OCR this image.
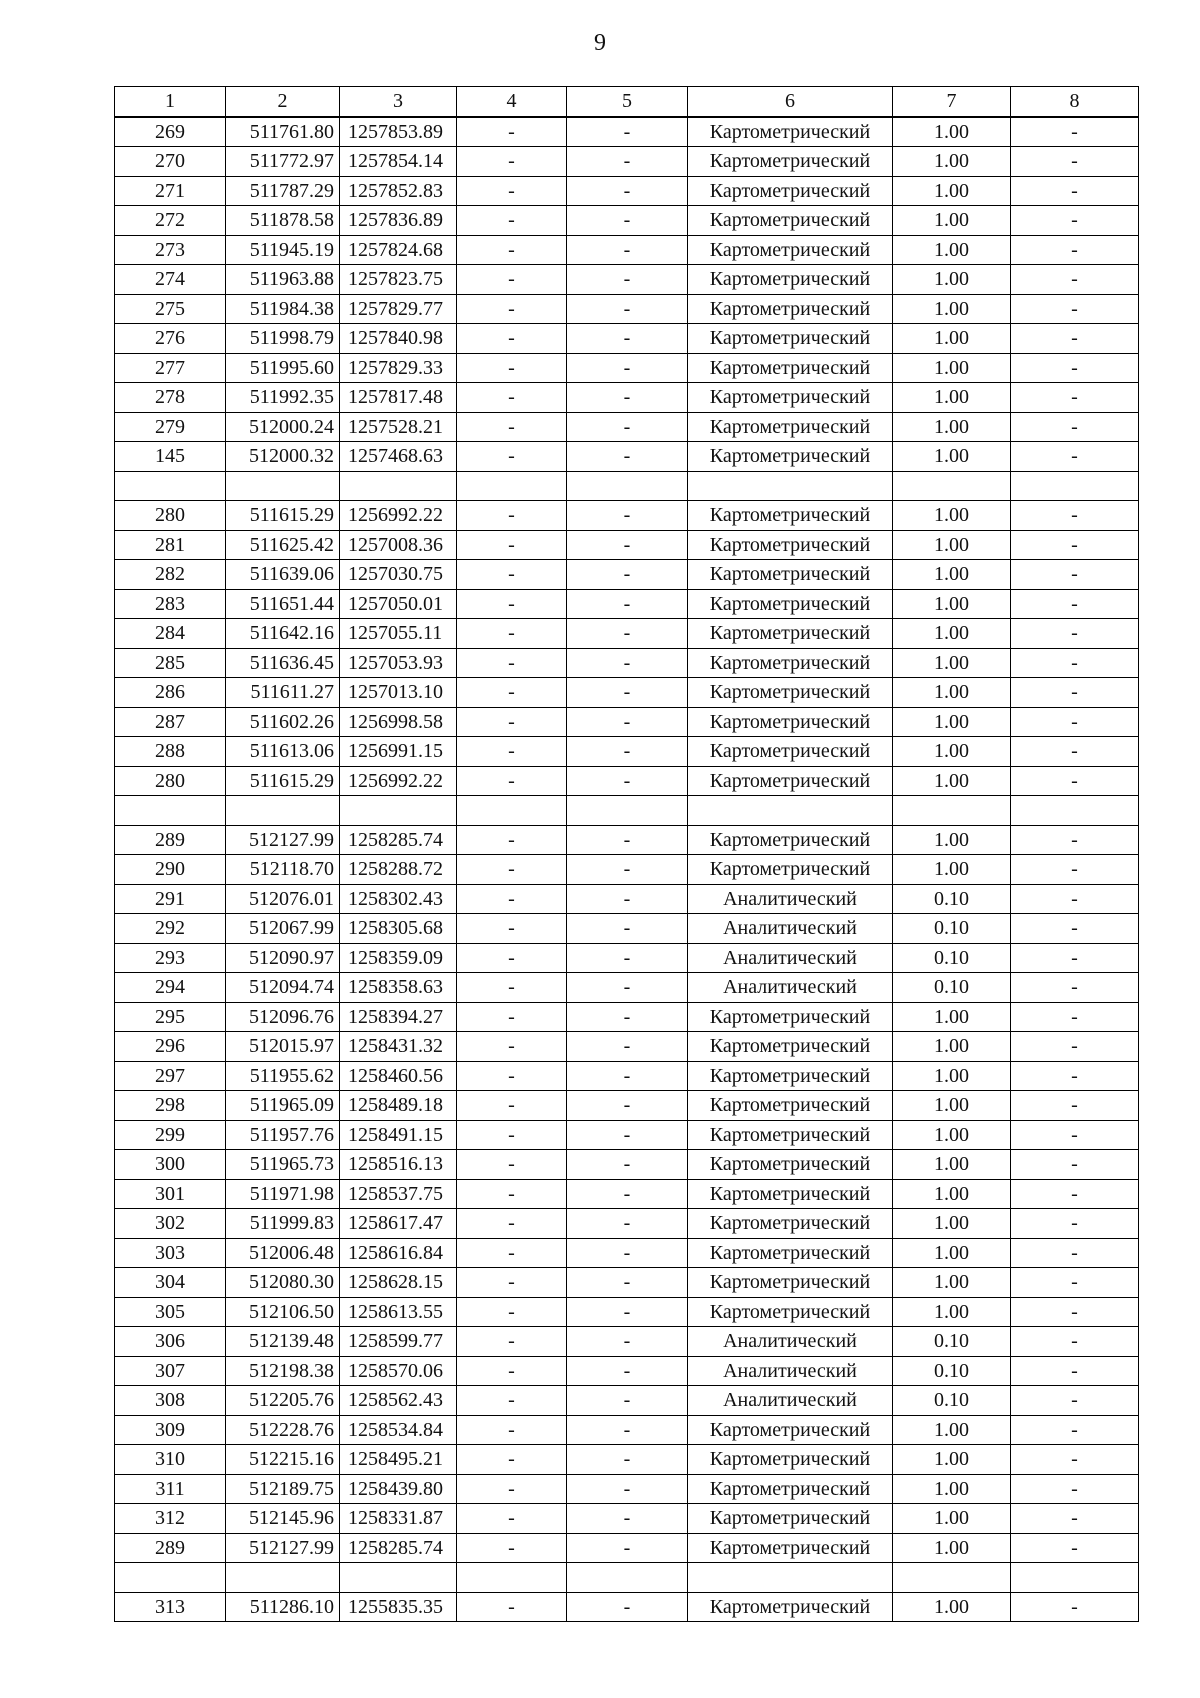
9
1	2	3	4	5	6	7	8
269	511761.80	1257853.89	-	-	Картометрический	1.00	-
270	511772.97	1257854.14	-	-	Картометрический	1.00	-
271	511787.29	1257852.83	-	-	Картометрический	1.00	-
272	511878.58	1257836.89	-	-	Картометрический	1.00	-
273	511945.19	1257824.68	-	-	Картометрический	1.00	-
274	511963.88	1257823.75	-	-	Картометрический	1.00	-
275	511984.38	1257829.77	-	-	Картометрический	1.00	-
276	511998.79	1257840.98	-	-	Картометрический	1.00	-
277	511995.60	1257829.33	-	-	Картометрический	1.00	-
278	511992.35	1257817.48	-	-	Картометрический	1.00	-
279	512000.24	1257528.21	-	-	Картометрический	1.00	-
145	512000.32	1257468.63	-	-	Картометрический	1.00	-

280	511615.29	1256992.22	-	-	Картометрический	1.00	-
281	511625.42	1257008.36	-	-	Картометрический	1.00	-
282	511639.06	1257030.75	-	-	Картометрический	1.00	-
283	511651.44	1257050.01	-	-	Картометрический	1.00	-
284	511642.16	1257055.11	-	-	Картометрический	1.00	-
285	511636.45	1257053.93	-	-	Картометрический	1.00	-
286	511611.27	1257013.10	-	-	Картометрический	1.00	-
287	511602.26	1256998.58	-	-	Картометрический	1.00	-
288	511613.06	1256991.15	-	-	Картометрический	1.00	-
280	511615.29	1256992.22	-	-	Картометрический	1.00	-

289	512127.99	1258285.74	-	-	Картометрический	1.00	-
290	512118.70	1258288.72	-	-	Картометрический	1.00	-
291	512076.01	1258302.43	-	-	Аналитический	0.10	-
292	512067.99	1258305.68	-	-	Аналитический	0.10	-
293	512090.97	1258359.09	-	-	Аналитический	0.10	-
294	512094.74	1258358.63	-	-	Аналитический	0.10	-
295	512096.76	1258394.27	-	-	Картометрический	1.00	-
296	512015.97	1258431.32	-	-	Картометрический	1.00	-
297	511955.62	1258460.56	-	-	Картометрический	1.00	-
298	511965.09	1258489.18	-	-	Картометрический	1.00	-
299	511957.76	1258491.15	-	-	Картометрический	1.00	-
300	511965.73	1258516.13	-	-	Картометрический	1.00	-
301	511971.98	1258537.75	-	-	Картометрический	1.00	-
302	511999.83	1258617.47	-	-	Картометрический	1.00	-
303	512006.48	1258616.84	-	-	Картометрический	1.00	-
304	512080.30	1258628.15	-	-	Картометрический	1.00	-
305	512106.50	1258613.55	-	-	Картометрический	1.00	-
306	512139.48	1258599.77	-	-	Аналитический	0.10	-
307	512198.38	1258570.06	-	-	Аналитический	0.10	-
308	512205.76	1258562.43	-	-	Аналитический	0.10	-
309	512228.76	1258534.84	-	-	Картометрический	1.00	-
310	512215.16	1258495.21	-	-	Картометрический	1.00	-
311	512189.75	1258439.80	-	-	Картометрический	1.00	-
312	512145.96	1258331.87	-	-	Картометрический	1.00	-
289	512127.99	1258285.74	-	-	Картометрический	1.00	-

313	511286.10	1255835.35	-	-	Картометрический	1.00	-
